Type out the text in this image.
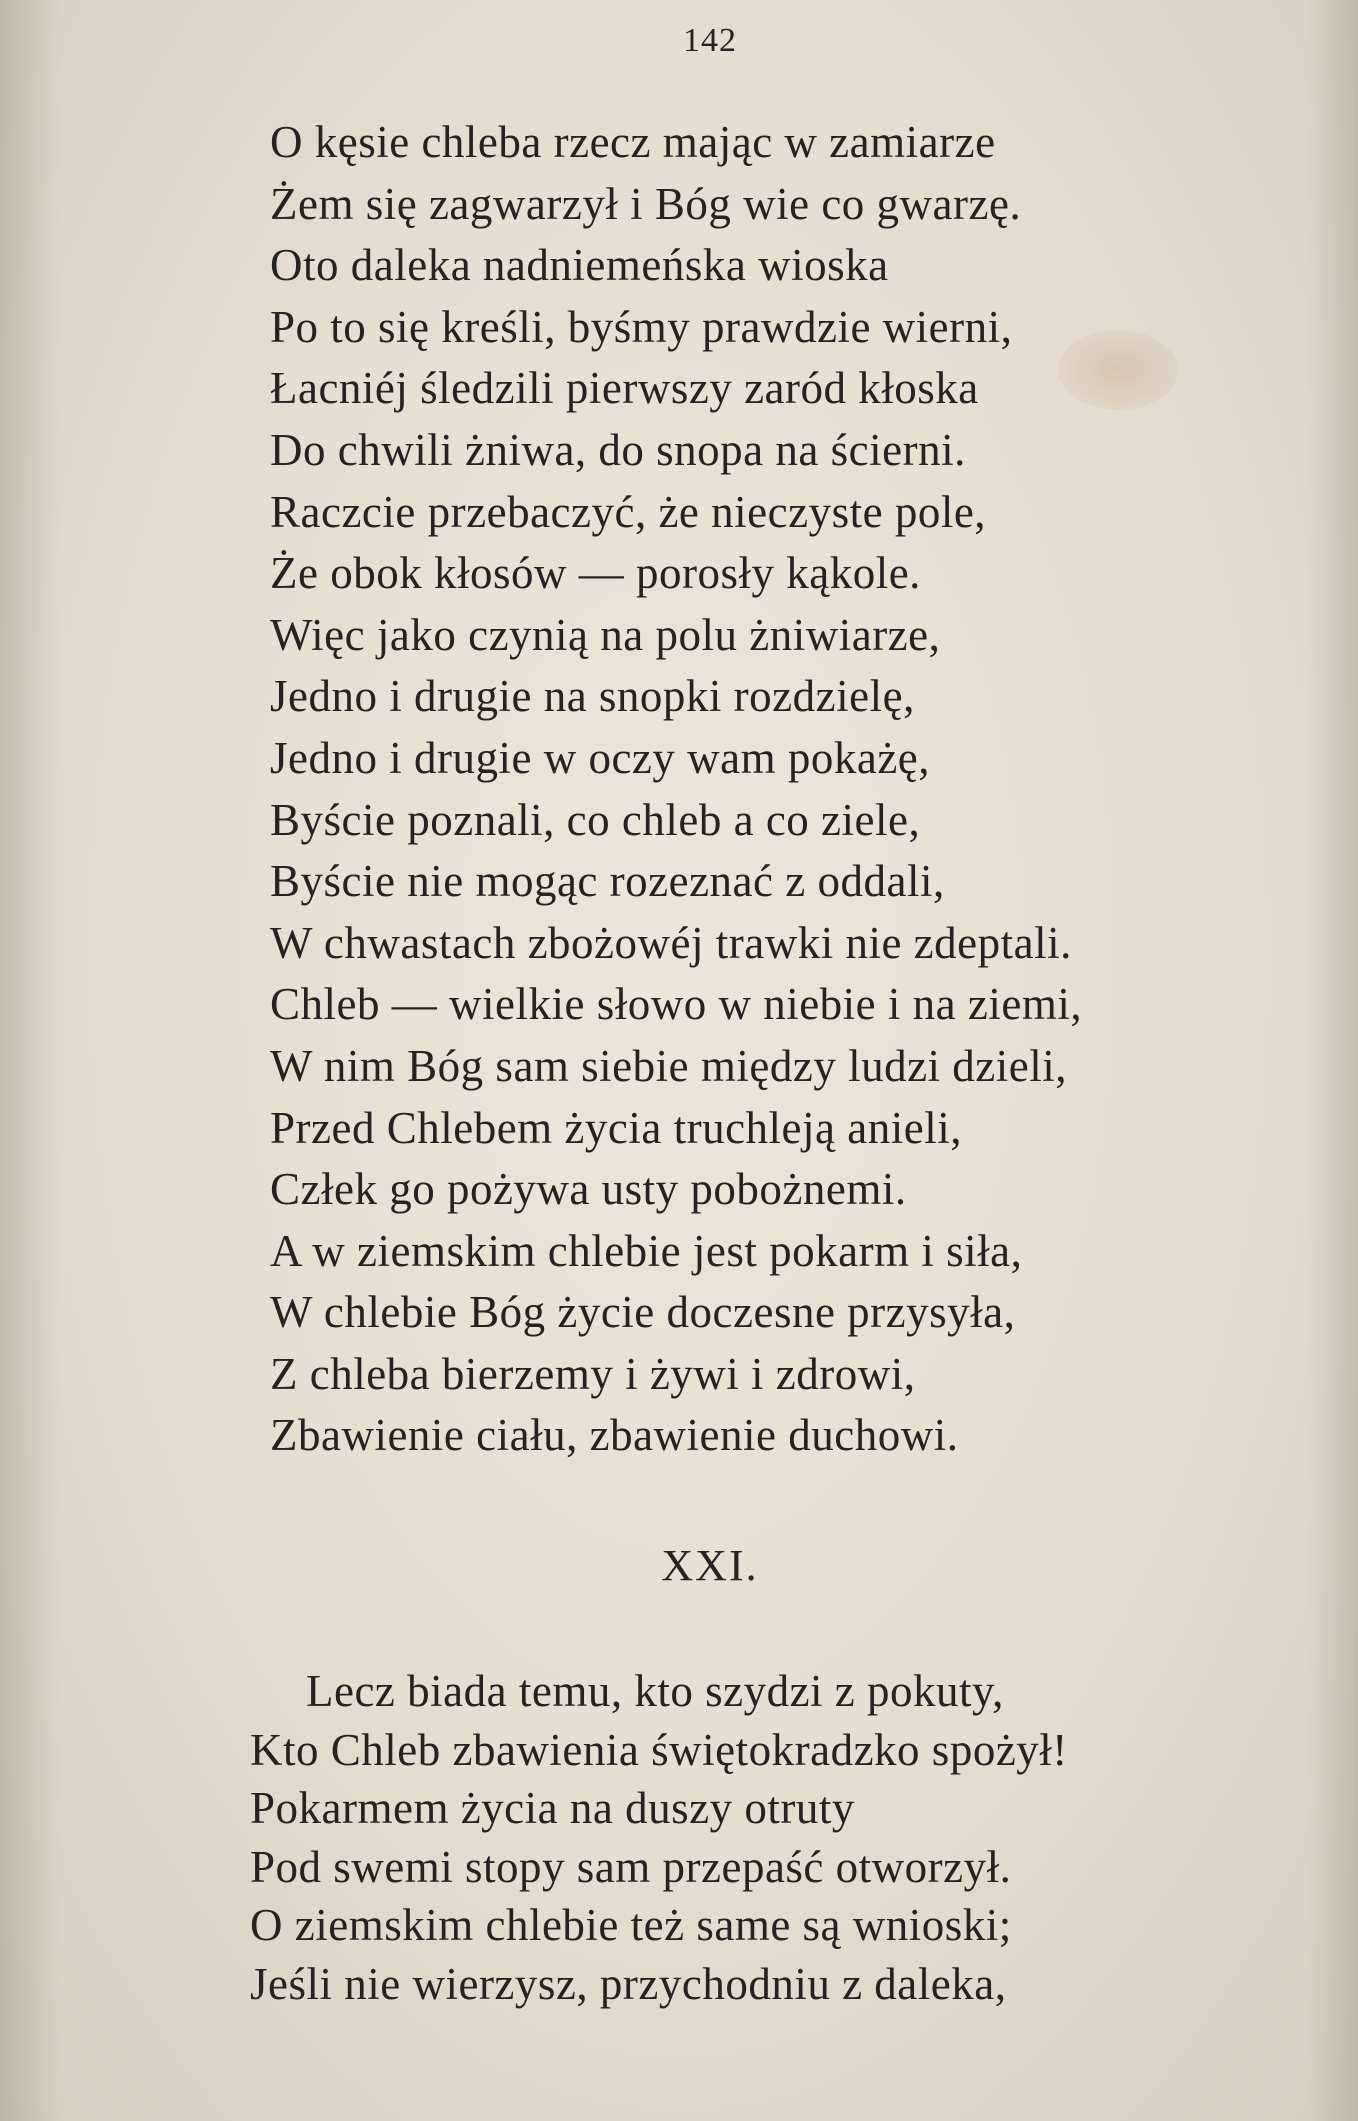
142
O kęsie chleba rzecz mając w zamiarze
Żem się zagwarzył i Bóg wie co gwarzę.
Oto daleka nadniemeńska wioska
Po to się kreśli, byśmy prawdzie wierni,
Łacniéj śledzili pierwszy zaród kłoska
Do chwili żniwa, do snopa na ścierni.
Raczcie przebaczyć, że nieczyste pole,
Że obok kłosów — porosły kąkole.
Więc jako czynią na polu żniwiarze,
Jedno i drugie na snopki rozdzielę,
Jedno i drugie w oczy wam pokażę,
Byście poznali, co chleb a co ziele,
Byście nie mogąc rozeznać z oddali,
W chwastach zbożowéj trawki nie zdeptali.
Chleb — wielkie słowo w niebie i na ziemi,
W nim Bóg sam siebie między ludzi dzieli,
Przed Chlebem życia truchleją anieli,
Człek go pożywa usty pobożnemi.
A w ziemskim chlebie jest pokarm i siła,
W chlebie Bóg życie doczesne przysyła,
Z chleba bierzemy i żywi i zdrowi,
Zbawienie ciału, zbawienie duchowi.
XXI.
Lecz biada temu, kto szydzi z pokuty,
Kto Chleb zbawienia świętokradzko spożył!
Pokarmem życia na duszy otruty
Pod swemi stopy sam przepaść otworzył.
O ziemskim chlebie też same są wnioski;
Jeśli nie wierzysz, przychodniu z daleka,
